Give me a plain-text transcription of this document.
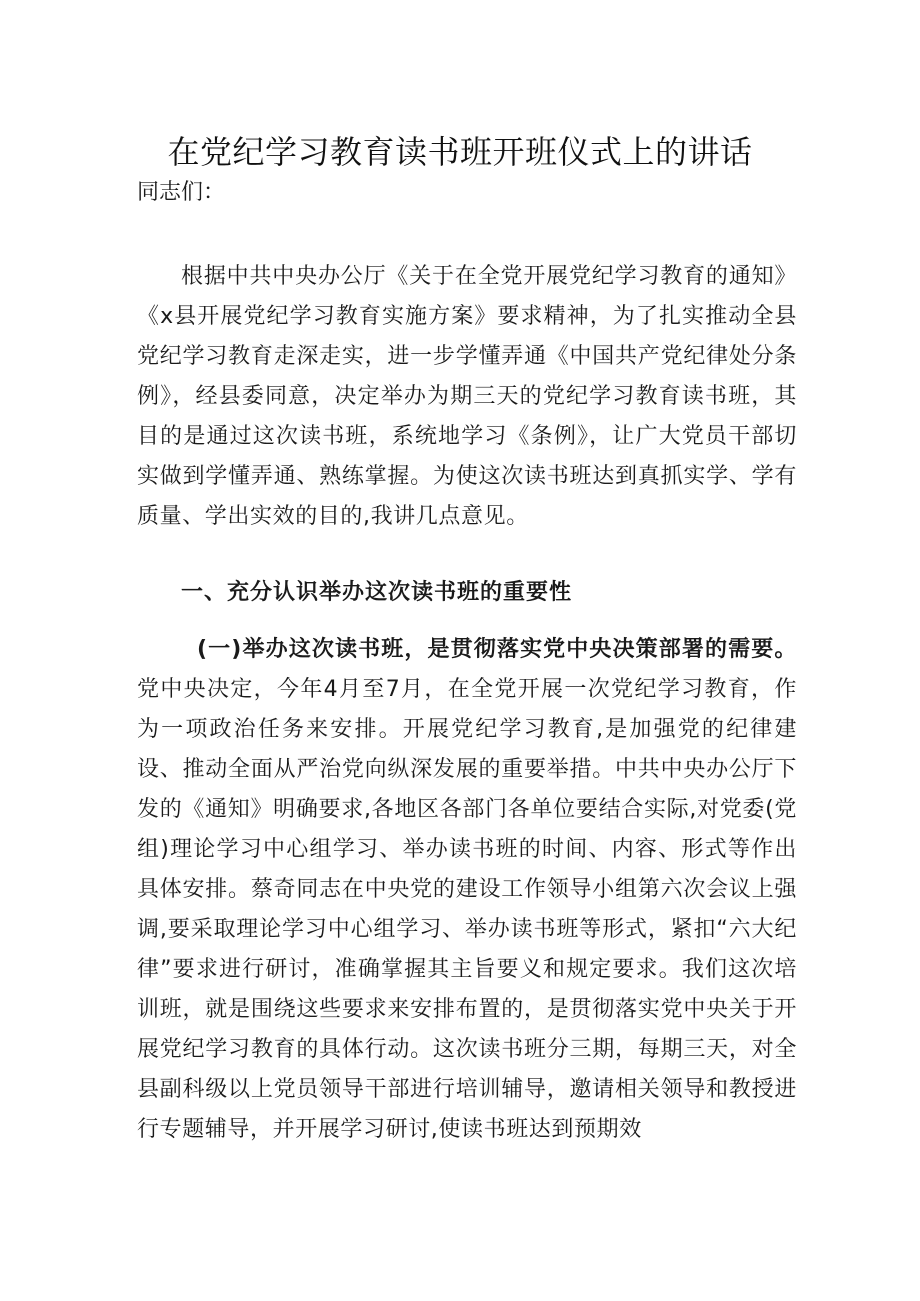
在党纪学习教育读书班开班仪式上的讲话

同志们：

根据中共中央办公厅《关于在全党开展党纪学习教育的通知》《x县开展党纪学习教育实施方案》要求精神，为了扎实推动全县党纪学习教育走深走实，进一步学懂弄通《中国共产党纪律处分条例》，经县委同意，决定举办为期三天的党纪学习教育读书班，其目的是通过这次读书班，系统地学习《条例》，让广大党员干部切实做到学懂弄通、熟练掌握。为使这次读书班达到真抓实学、学有质量、学出实效的目的,我讲几点意见。

一、充分认识举办这次读书班的重要性

(一)举办这次读书班，是贯彻落实党中央决策部署的需要。党中央决定，今年4月至7月，在全党开展一次党纪学习教育，作为一项政治任务来安排。开展党纪学习教育,是加强党的纪律建设、推动全面从严治党向纵深发展的重要举措。中共中央办公厅下发的《通知》明确要求,各地区各部门各单位要结合实际,对党委(党组)理论学习中心组学习、举办读书班的时间、内容、形式等作出具体安排。蔡奇同志在中央党的建设工作领导小组第六次会议上强调,要采取理论学习中心组学习、举办读书班等形式，紧扣“六大纪律”要求进行研讨，准确掌握其主旨要义和规定要求。我们这次培训班，就是围绕这些要求来安排布置的，是贯彻落实党中央关于开展党纪学习教育的具体行动。这次读书班分三期，每期三天，对全县副科级以上党员领导干部进行培训辅导，邀请相关领导和教授进行专题辅导，并开展学习研讨,使读书班达到预期效
